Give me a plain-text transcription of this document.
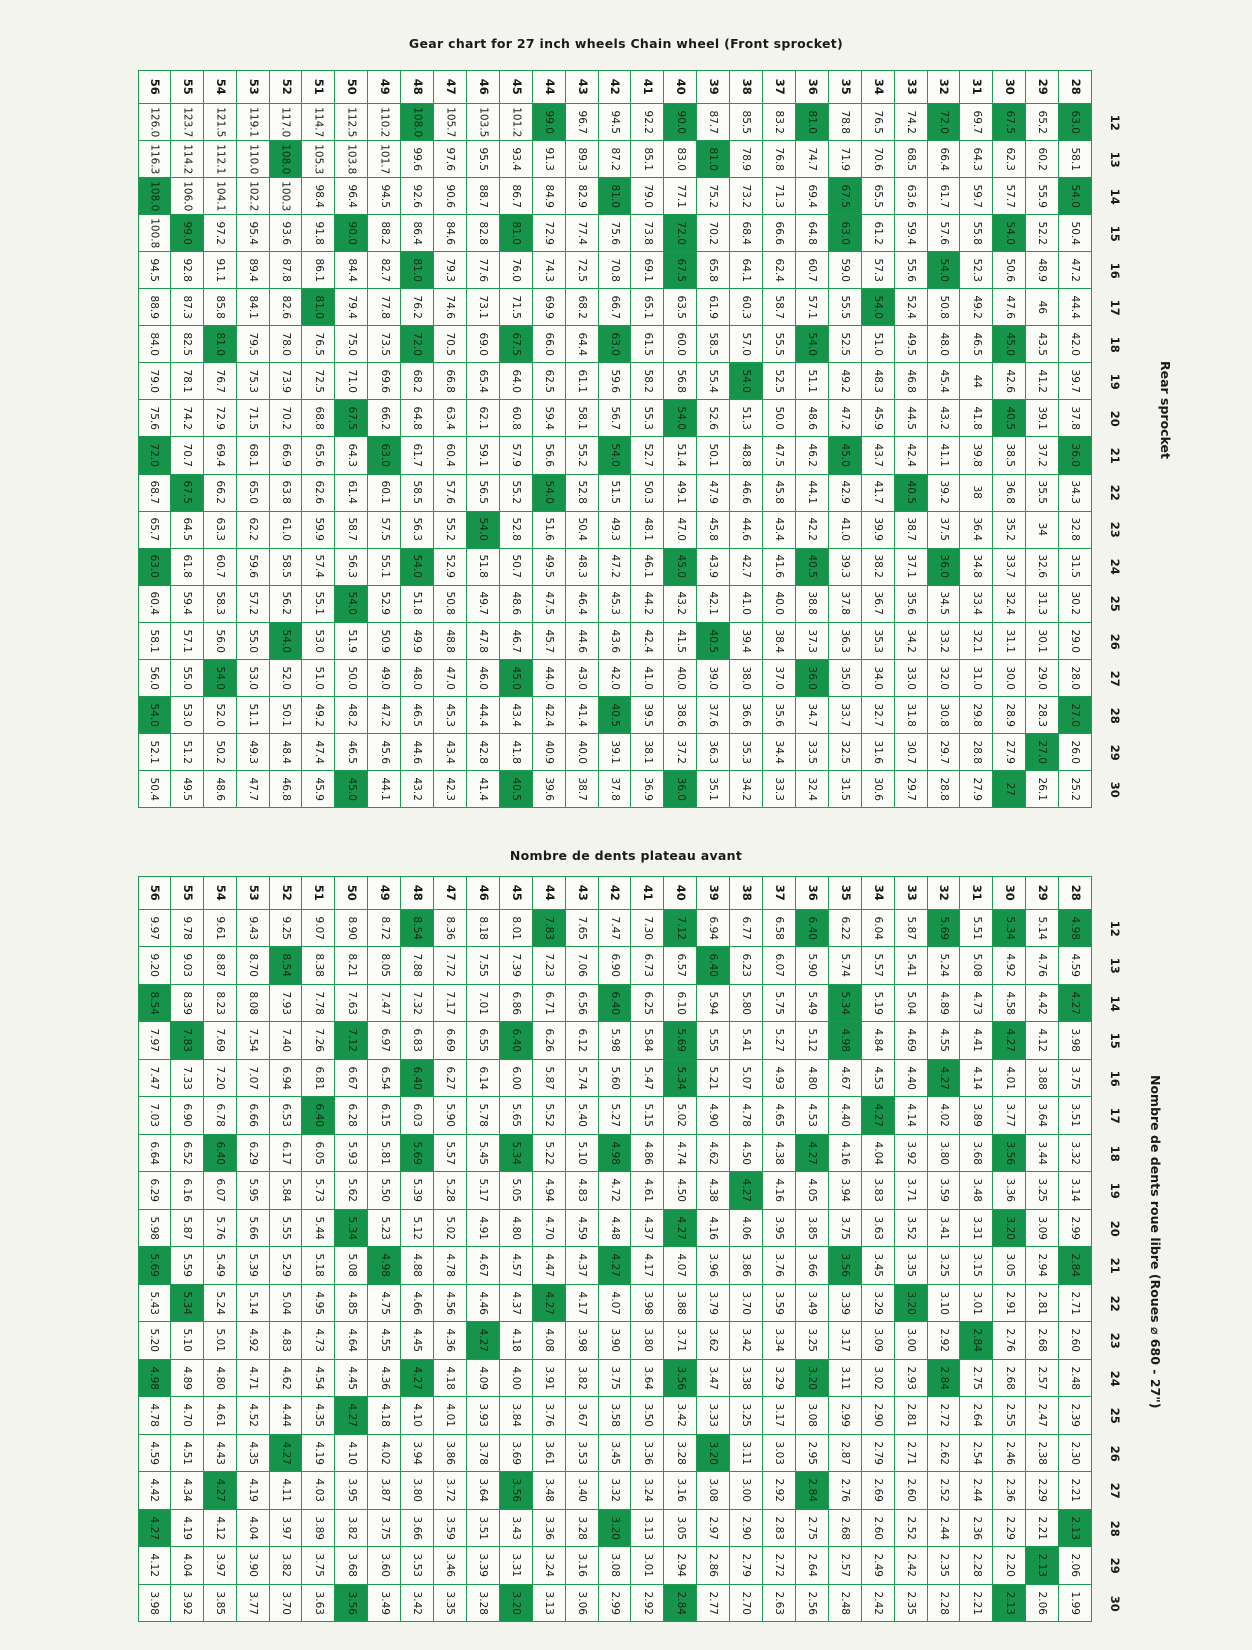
Gear chart for 27 inch wheels Chain wheel (Front sprocket)
28
29
30
31
32
33
34
35
36
37
38
39
40
41
42
43
44
45
46
47
48
49
50
51
52
53
54
55
56
12
13
14
15
16
17
18
19
20
21
22
23
24
25
26
27
28
29
30
63.0
58.1
54.0
50.4
47.2
44.4
42.0
39.7
37.8
36.0
34.3
32.8
31.5
30.2
29.0
28.0
27.0
26.0
25.2
65.2
60.2
55.9
52.2
48.9
46
43.5
41.2
39.1
37.2
35.5
34
32.6
31.3
30.1
29.0
28.3
27.0
26.1
67.5
62.3
57.7
54.0
50.6
47.6
45.0
42.6
40.5
38.5
36.8
35.2
33.7
32.4
31.1
30.0
28.9
27.9
27
69.7
64.3
59.7
55.8
52.3
49.2
46.5
44
41.8
39.8
38
36.4
34.8
33.4
32.1
31.0
29.8
28.8
27.9
72.0
66.4
61.7
57.6
54.0
50.8
48.0
45.4
43.2
41.1
39.2
37.5
36.0
34.5
33.2
32.0
30.8
29.7
28.8
74.2
68.5
63.6
59.4
55.6
52.4
49.5
46.8
44.5
42.4
40.5
38.7
37.1
35.6
34.2
33.0
31.8
30.7
29.7
76.5
70.6
65.5
61.2
57.3
54.0
51.0
48.3
45.9
43.7
41.7
39.9
38.2
36.7
35.3
34.0
32.7
31.6
30.6
78.8
71.9
67.5
63.0
59.0
55.5
52.5
49.2
47.2
45.0
42.9
41.0
39.3
37.8
36.3
35.0
33.7
32.5
31.5
81.0
74.7
69.4
64.8
60.7
57.1
54.0
51.1
48.6
46.2
44.1
42.2
40.5
38.8
37.3
36.0
34.7
33.5
32.4
83.2
76.8
71.3
66.6
62.4
58.7
55.5
52.5
50.0
47.5
45.8
43.4
41.6
40.0
38.4
37.0
35.6
34.4
33.3
85.5
78.9
73.2
68.4
64.1
60.3
57.0
54.0
51.3
48.8
46.6
44.6
42.7
41.0
39.4
38.0
36.6
35.3
34.2
87.7
81.0
75.2
70.2
65.8
61.9
58.5
55.4
52.6
50.1
47.9
45.8
43.9
42.1
40.5
39.0
37.6
36.3
35.1
90.0
83.0
77.1
72.0
67.5
63.5
60.0
56.8
54.0
51.4
49.1
47.0
45.0
43.2
41.5
40.0
38.6
37.2
36.0
92.2
85.1
79.0
73.8
69.1
65.1
61.5
58.2
55.3
52.7
50.3
48.1
46.1
44.2
42.4
41.0
39.5
38.1
36.9
94.5
87.2
81.0
75.6
70.8
66.7
63.0
59.6
56.7
54.0
51.5
49.3
47.2
45.3
43.6
42.0
40.5
39.1
37.8
96.7
89.3
82.9
77.4
72.5
68.2
64.4
61.1
58.1
55.2
52.8
50.4
48.3
46.4
44.6
43.0
41.4
40.0
38.7
99.0
91.3
84.9
72.9
74.3
69.9
66.0
62.5
59.4
56.6
54.0
51.6
49.5
47.5
45.7
44.0
42.4
40.9
39.6
101.2
93.4
86.7
81.0
76.0
71.5
67.5
64.0
60.8
57.9
55.2
52.8
50.7
48.6
46.7
45.0
43.4
41.8
40.5
103.5
95.5
88.7
82.8
77.6
73.1
69.0
65.4
62.1
59.1
56.5
54.0
51.8
49.7
47.8
46.0
44.4
42.8
41.4
105.7
97.6
90.6
84.6
79.3
74.6
70.5
66.8
63.4
60.4
57.6
55.2
52.9
50.8
48.8
47.0
45.3
43.4
42.3
108.0
99.6
92.6
86.4
81.0
76.2
72.0
68.2
64.8
61.7
58.5
56.3
54.0
51.8
49.9
48.0
46.5
44.6
43.2
110.2
101.7
94.5
88.2
82.7
77.8
73.5
69.6
66.2
63.0
60.1
57.5
55.1
52.9
50.9
49.0
47.2
45.6
44.1
112.5
103.8
96.4
90.0
84.4
79.4
75.0
71.0
67.5
64.3
61.4
58.7
56.3
54.0
51.9
50.0
48.2
46.5
45.0
114.7
105.3
98.4
91.8
86.1
81.0
76.5
72.5
68.8
65.6
62.6
59.9
57.4
55.1
53.0
51.0
49.2
47.4
45.9
117.0
108.0
100.3
93.6
87.8
82.6
78.0
73.9
70.2
66.9
63.8
61.0
58.5
56.2
54.0
52.0
50.1
48.4
46.8
119.1
110.0
102.2
95.4
89.4
84.1
79.5
75.3
71.5
68.1
65.0
62.2
59.6
57.2
55.0
53.0
51.1
49.3
47.7
121.5
112.1
104.1
97.2
91.1
85.8
81.0
76.7
72.9
69.4
66.2
63.3
60.7
58.3
56.0
54.0
52.0
50.2
48.6
123.7
114.2
106.0
99.0
92.8
87.3
82.5
78.1
74.2
70.7
67.5
64.5
61.8
59.4
57.1
55.0
53.0
51.2
49.5
126.0
116.3
108.0
100.8
94.5
88.9
84.0
79.0
75.6
72.0
68.7
65.7
63.0
60.4
58.1
56.0
54.0
52.1
50.4
Rear sprocket
Nombre de dents plateau avant
28
29
30
31
32
33
34
35
36
37
38
39
40
41
42
43
44
45
46
47
48
49
50
51
52
53
54
55
56
12
13
14
15
16
17
18
19
20
21
22
23
24
25
26
27
28
29
30
4.98
4.59
4.27
3.98
3.75
3.51
3.32
3.14
2.99
2.84
2.71
2.60
2.48
2.39
2.30
2.21
2.13
2.06
1.99
5.14
4.76
4.42
4.12
3.88
3.64
3.44
3.25
3.09
2.94
2.81
2.68
2.57
2.47
2.38
2.29
2.21
2.13
2.06
5.34
4.92
4.58
4.27
4.01
3.77
3.56
3.36
3.20
3.05
2.91
2.76
2.68
2.55
2.46
2.36
2.29
2.20
2.13
5.51
5.08
4.73
4.41
4.14
3.89
3.68
3.48
3.31
3.15
3.01
2.84
2.75
2.64
2.54
2.44
2.36
2.28
2.21
5.69
5.24
4.89
4.55
4.27
4.02
3.80
3.59
3.41
3.25
3.10
2.92
2.84
2.72
2.62
2.52
2.44
2.35
2.28
5.87
5.41
5.04
4.69
4.40
4.14
3.92
3.71
3.52
3.35
3.20
3.00
2.93
2.81
2.71
2.60
2.52
2.42
2.35
6.04
5.57
5.19
4.84
4.53
4.27
4.04
3.83
3.63
3.45
3.29
3.09
3.02
2.90
2.79
2.69
2.60
2.49
2.42
6.22
5.74
5.34
4.98
4.67
4.40
4.16
3.94
3.75
3.56
3.39
3.17
3.11
2.99
2.87
2.76
2.68
2.57
2.48
6.40
5.90
5.49
5.12
4.80
4.53
4.27
4.05
3.85
3.66
3.49
3.25
3.20
3.08
2.95
2.84
2.75
2.64
2.56
6.58
6.07
5.75
5.27
4.93
4.65
4.38
4.16
3.95
3.76
3.59
3.34
3.29
3.17
3.03
2.92
2.83
2.72
2.63
6.77
6.23
5.80
5.41
5.07
4.78
4.50
4.27
4.06
3.86
3.70
3.42
3.38
3.25
3.11
3.00
2.90
2.79
2.70
6.94
6.40
5.94
5.55
5.21
4.90
4.62
4.38
4.16
3.96
3.79
3.62
3.47
3.33
3.20
3.08
2.97
2.86
2.77
7.12
6.57
6.10
5.69
5.34
5.02
4.74
4.50
4.27
4.07
3.88
3.71
3.56
3.42
3.28
3.16
3.05
2.94
2.84
7.30
6.73
6.25
5.84
5.47
5.15
4.86
4.61
4.37
4.17
3.98
3.80
3.64
3.50
3.36
3.24
3.13
3.01
2.92
7.47
6.90
6.40
5.98
5.60
5.27
4.98
4.72
4.48
4.27
4.07
3.90
3.75
3.58
3.45
3.32
3.20
3.08
2.99
7.65
7.06
6.56
6.12
5.74
5.40
5.10
4.83
4.59
4.37
4.17
3.98
3.82
3.67
3.53
3.40
3.28
3.16
3.06
7.83
7.23
6.71
6.26
5.87
5.52
5.22
4.94
4.70
4.47
4.27
4.08
3.91
3.76
3.61
3.48
3.36
3.24
3.13
8.01
7.39
6.86
6.40
6.00
5.65
5.34
5.05
4.80
4.57
4.37
4.18
4.00
3.84
3.69
3.56
3.43
3.31
3.20
8.18
7.55
7.01
6.55
6.14
5.78
5.45
5.17
4.91
4.67
4.46
4.27
4.09
3.93
3.78
3.64
3.51
3.39
3.28
8.36
7.72
7.17
6.69
6.27
5.90
5.57
5.28
5.02
4.78
4.56
4.36
4.18
4.01
3.86
3.72
3.59
3.46
3.35
8.54
7.88
7.32
6.83
6.40
6.03
5.69
5.39
5.12
4.88
4.66
4.45
4.27
4.10
3.94
3.80
3.66
3.53
3.42
8.72
8.05
7.47
6.97
6.54
6.15
5.81
5.50
5.23
4.98
4.75
4.55
4.36
4.18
4.02
3.87
3.75
3.60
3.49
8.90
8.21
7.63
7.12
6.67
6.28
5.93
5.62
5.34
5.08
4.85
4.64
4.45
4.27
4.10
3.95
3.82
3.68
3.56
9.07
8.38
7.78
7.26
6.81
6.40
6.05
5.73
5.44
5.18
4.95
4.73
4.54
4.35
4.19
4.03
3.89
3.75
3.63
9.25
8.54
7.93
7.40
6.94
6.53
6.17
5.84
5.55
5.29
5.04
4.83
4.62
4.44
4.27
4.11
3.97
3.82
3.70
9.43
8.70
8.08
7.54
7.07
6.66
6.29
5.95
5.66
5.39
5.14
4.92
4.71
4.52
4.35
4.19
4.04
3.90
3.77
9.61
8.87
8.23
7.69
7.20
6.78
6.40
6.07
5.76
5.49
5.24
5.01
4.80
4.61
4.43
4.27
4.12
3.97
3.85
9.78
9.03
8.39
7.83
7.33
6.90
6.52
6.16
5.87
5.59
5.34
5.10
4.89
4.70
4.51
4.34
4.19
4.04
3.92
9.97
9.20
8.54
7.97
7.47
7.03
6.64
6.29
5.98
5.69
5.43
5.20
4.98
4.78
4.59
4.42
4.27
4.12
3.98
Nombre de dents roue libre (Roues ⌀ 680 - 27")
